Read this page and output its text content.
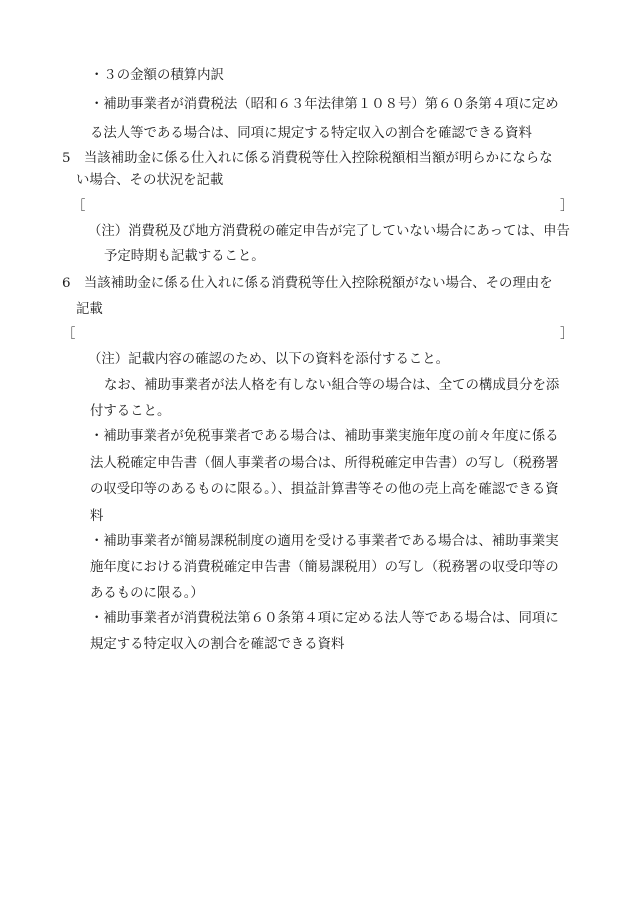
・３の金額の積算内訳
・補助事業者が消費税法（昭和６３年法律第１０８号）第６０条第４項に定め
る法人等である場合は、同項に規定する特定収入の割合を確認できる資料
5　当該補助金に係る仕入れに係る消費税等仕入控除税額相当額が明らかにならな
い場合、その状況を記載
［	］
（注）消費税及び地方消費税の確定申告が完了していない場合にあっては、申告
予定時期も記載すること。
6　当該補助金に係る仕入れに係る消費税等仕入控除税額がない場合、その理由を
記載
［	］
（注）記載内容の確認のため、以下の資料を添付すること。
なお、補助事業者が法人格を有しない組合等の場合は、全ての構成員分を添
付すること。
・補助事業者が免税事業者である場合は、補助事業実施年度の前々年度に係る
法人税確定申告書（個人事業者の場合は、所得税確定申告書）の写し（税務署
の収受印等のあるものに限る。）、損益計算書等その他の売上高を確認できる資
料
・補助事業者が簡易課税制度の適用を受ける事業者である場合は、補助事業実
施年度における消費税確定申告書（簡易課税用）の写し（税務署の収受印等の
あるものに限る。）
・補助事業者が消費税法第６０条第４項に定める法人等である場合は、同項に
規定する特定収入の割合を確認できる資料
